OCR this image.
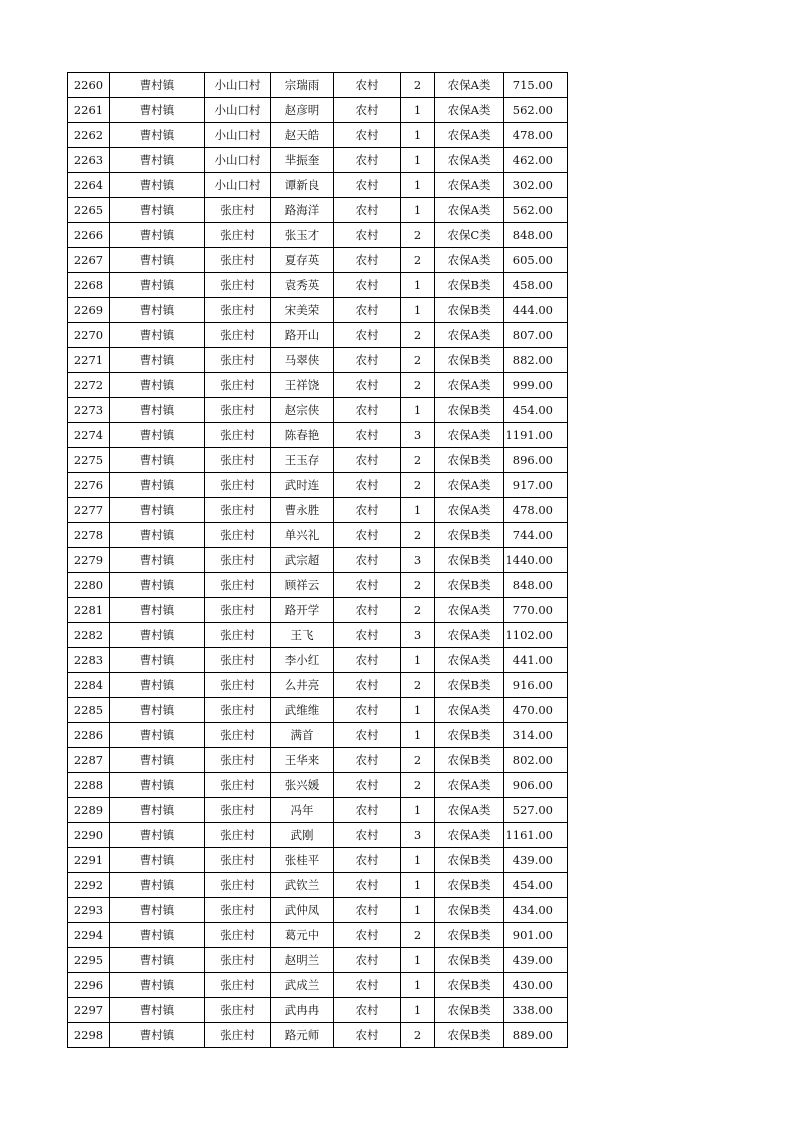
2260	曹村镇	小山口村	宗瑞雨	农村	2	农保A类	715.00
2261	曹村镇	小山口村	赵彦明	农村	1	农保A类	562.00
2262	曹村镇	小山口村	赵天皓	农村	1	农保A类	478.00
2263	曹村镇	小山口村	芈振奎	农村	1	农保A类	462.00
2264	曹村镇	小山口村	谭新良	农村	1	农保A类	302.00
2265	曹村镇	张庄村	路海洋	农村	1	农保A类	562.00
2266	曹村镇	张庄村	张玉才	农村	2	农保C类	848.00
2267	曹村镇	张庄村	夏存英	农村	2	农保A类	605.00
2268	曹村镇	张庄村	袁秀英	农村	1	农保B类	458.00
2269	曹村镇	张庄村	宋美荣	农村	1	农保B类	444.00
2270	曹村镇	张庄村	路开山	农村	2	农保A类	807.00
2271	曹村镇	张庄村	马翠侠	农村	2	农保B类	882.00
2272	曹村镇	张庄村	王祥饶	农村	2	农保A类	999.00
2273	曹村镇	张庄村	赵宗侠	农村	1	农保B类	454.00
2274	曹村镇	张庄村	陈春艳	农村	3	农保A类	1191.00
2275	曹村镇	张庄村	王玉存	农村	2	农保B类	896.00
2276	曹村镇	张庄村	武时连	农村	2	农保A类	917.00
2277	曹村镇	张庄村	曹永胜	农村	1	农保A类	478.00
2278	曹村镇	张庄村	单兴礼	农村	2	农保B类	744.00
2279	曹村镇	张庄村	武宗超	农村	3	农保B类	1440.00
2280	曹村镇	张庄村	顾祥云	农村	2	农保B类	848.00
2281	曹村镇	张庄村	路开学	农村	2	农保A类	770.00
2282	曹村镇	张庄村	王飞	农村	3	农保A类	1102.00
2283	曹村镇	张庄村	李小红	农村	1	农保A类	441.00
2284	曹村镇	张庄村	么井亮	农村	2	农保B类	916.00
2285	曹村镇	张庄村	武维维	农村	1	农保A类	470.00
2286	曹村镇	张庄村	满首	农村	1	农保B类	314.00
2287	曹村镇	张庄村	王华来	农村	2	农保B类	802.00
2288	曹村镇	张庄村	张兴媛	农村	2	农保A类	906.00
2289	曹村镇	张庄村	冯年	农村	1	农保A类	527.00
2290	曹村镇	张庄村	武刚	农村	3	农保A类	1161.00
2291	曹村镇	张庄村	张桂平	农村	1	农保B类	439.00
2292	曹村镇	张庄村	武钦兰	农村	1	农保B类	454.00
2293	曹村镇	张庄村	武仲凤	农村	1	农保B类	434.00
2294	曹村镇	张庄村	葛元中	农村	2	农保B类	901.00
2295	曹村镇	张庄村	赵明兰	农村	1	农保B类	439.00
2296	曹村镇	张庄村	武成兰	农村	1	农保B类	430.00
2297	曹村镇	张庄村	武冉冉	农村	1	农保B类	338.00
2298	曹村镇	张庄村	路元师	农村	2	农保B类	889.00
